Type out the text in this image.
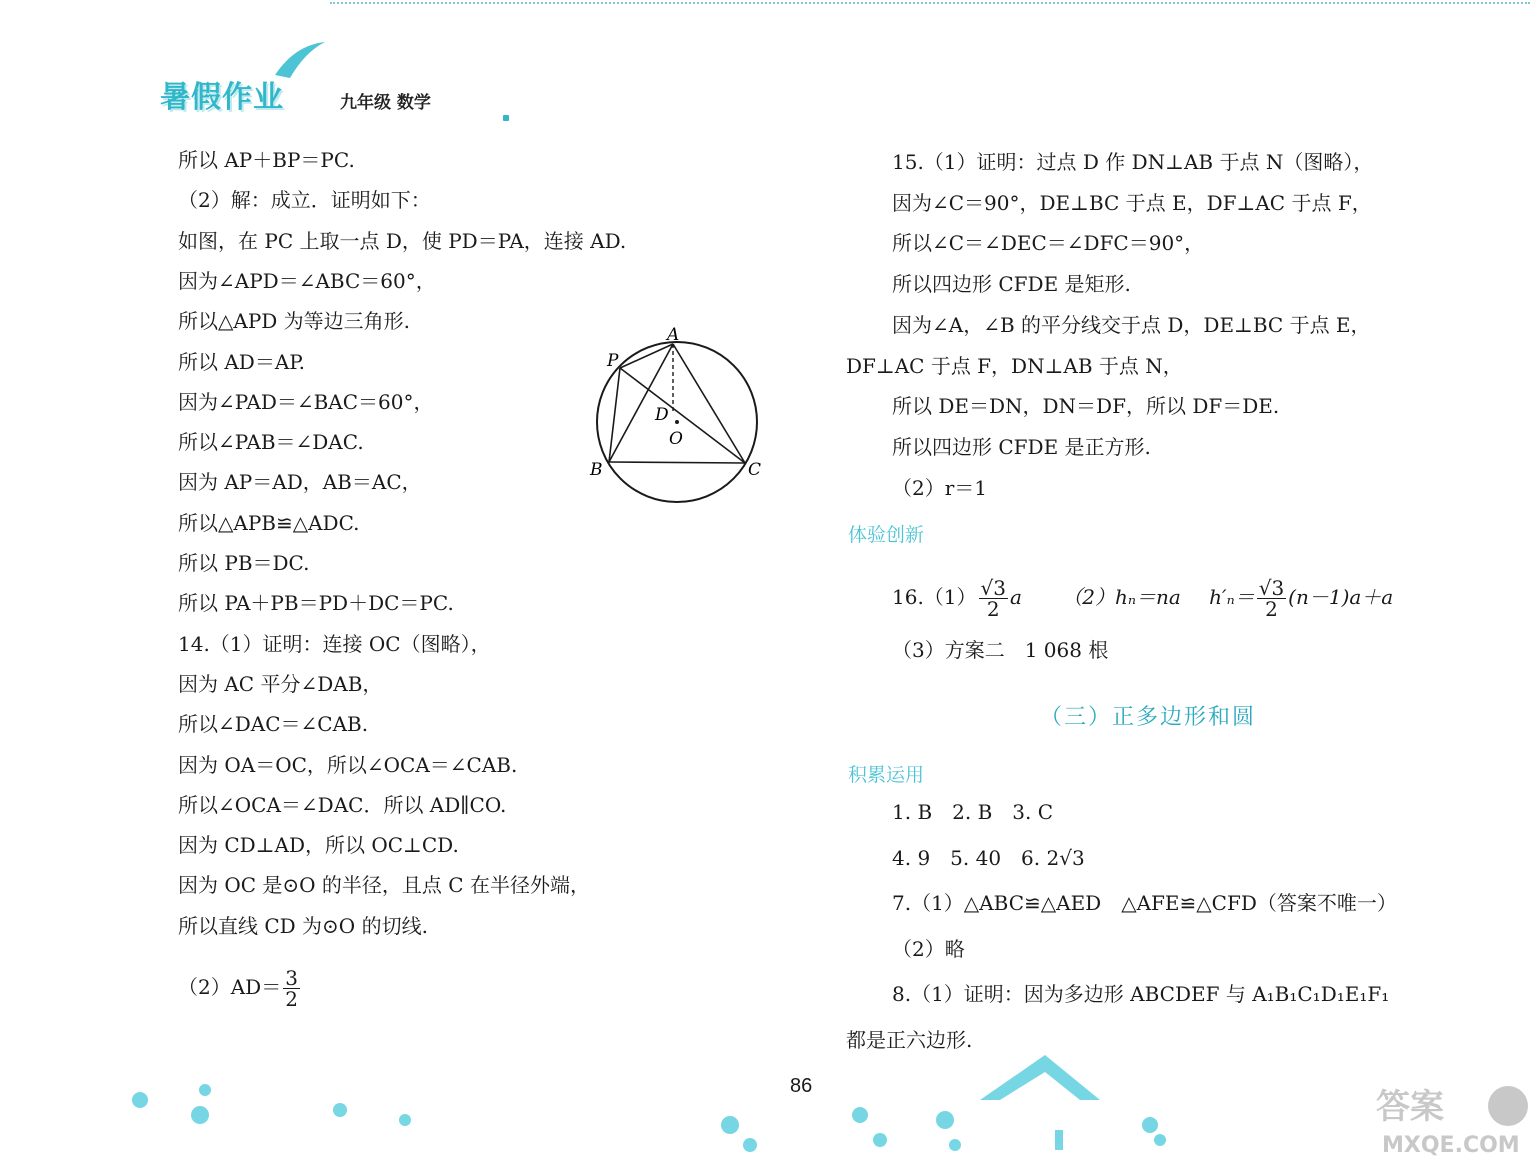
暑假作业	九年级 数学
所以 AP＋BP＝PC.
（2）解：成立．证明如下：
如图，在 PC 上取一点 D，使 PD＝PA，连接 AD.
因为∠APD＝∠ABC＝60°，
所以△APD 为等边三角形.
所以 AD＝AP.
因为∠PAD＝∠BAC＝60°，
所以∠PAB＝∠DAC.
因为 AP＝AD，AB＝AC，
所以△APB≌△ADC.
所以 PB＝DC.
所以 PA＋PB＝PD＋DC＝PC.
14.（1）证明：连接 OC（图略），
因为 AC 平分∠DAB，
所以∠DAC＝∠CAB.
因为 OA＝OC，所以∠OCA＝∠CAB.
所以∠OCA＝∠DAC．所以 AD∥CO.
因为 CD⊥AD，所以 OC⊥CD.
因为 OC 是⊙O 的半径，且点 C 在半径外端，
所以直线 CD 为⊙O 的切线.
$(2)AD= \frac{3}{2}$
A
B	C
P
D
O
15.（1）证明：过点 D 作 DN⊥AB 于点 N（图略），
因为∠C＝90°，DE⊥BC 于点 E，DF⊥AC 于点 F，
所以∠C＝∠DEC＝∠DFC＝90°，
所以四边形 CFDE 是矩形.
因为∠A，∠B 的平分线交于点 D，DE⊥BC 于点 E，
DF⊥AC 于点 F，DN⊥AB 于点 N，
所以 DE＝DN，DN＝DF，所以 DF＝DE.
所以四边形 CFDE 是正方形.
（2）r＝1
体验创新
$16.(1) \frac{√3}{2}$ a （2）hₙ＝na $h'_n= \frac{√3}{2} (n-1)a+a$
（3）方案二　1 068 根
（三）正多边形和圆
积累运用
1. B　2. B　3. C
4. 9　5. 40　6. 2√3
7.（1）△ABC≌△AED　△AFE≌△CFD（答案不唯一）
（2）略
8.（1）证明：因为多边形 ABCDEF 与 A₁B₁C₁D₁E₁F₁
都是正六边形.
86
答案
MXQE.COM
